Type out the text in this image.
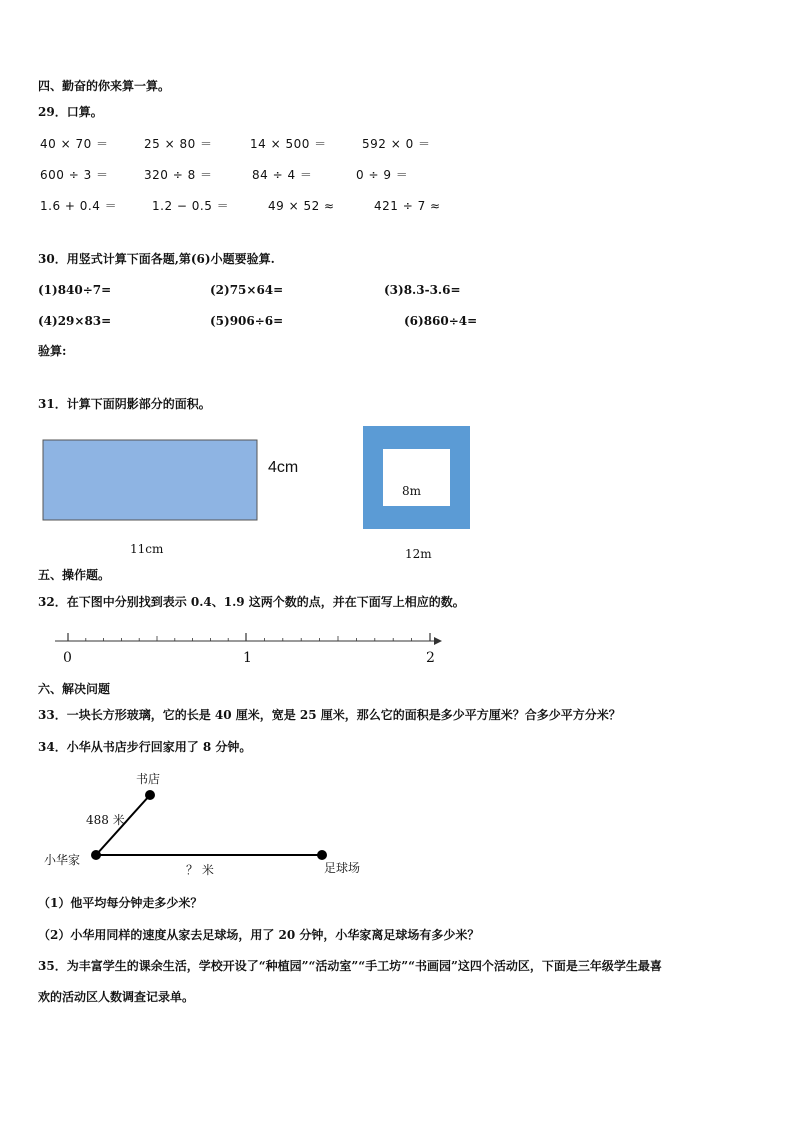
四、勤奋的你来算一算。
29．口算。
40 × 70 ＝	25 × 80 ＝	14 × 500 ＝	592 × 0 ＝
600 ÷ 3 ＝	320 ÷ 8 ＝	84 ÷ 4 ＝	0 ÷ 9 ＝
1.6 + 0.4 ＝	1.2 − 0.5 ＝	49 × 52 ≈	421 ÷ 7 ≈
30．用竖式计算下面各题,第(6)小题要验算.
(1)840÷7=	(2)75×64=	(3)8.3-3.6=
(4)29×83=	(5)906÷6=	(6)860÷4=
验算:
31．计算下面阴影部分的面积。
4cm
11cm
8m
12m
五、操作题。
32．在下图中分别找到表示 0.4、1.9 这两个数的点，并在下面写上相应的数。
0	1	2
六、解决问题
33．一块长方形玻璃，它的长是 40 厘米，宽是 25 厘米，那么它的面积是多少平方厘米？合多少平方分米？
34．小华从书店步行回家用了 8 分钟。
书店
488 米
小华家
？ 米	足球场
（1）他平均每分钟走多少米？
（2）小华用同样的速度从家去足球场，用了 20 分钟，小华家离足球场有多少米？
35．为丰富学生的课余生活，学校开设了“种植园”“活动室”“手工坊”“书画园”这四个活动区，下面是三年级学生最喜
欢的活动区人数调查记录单。
